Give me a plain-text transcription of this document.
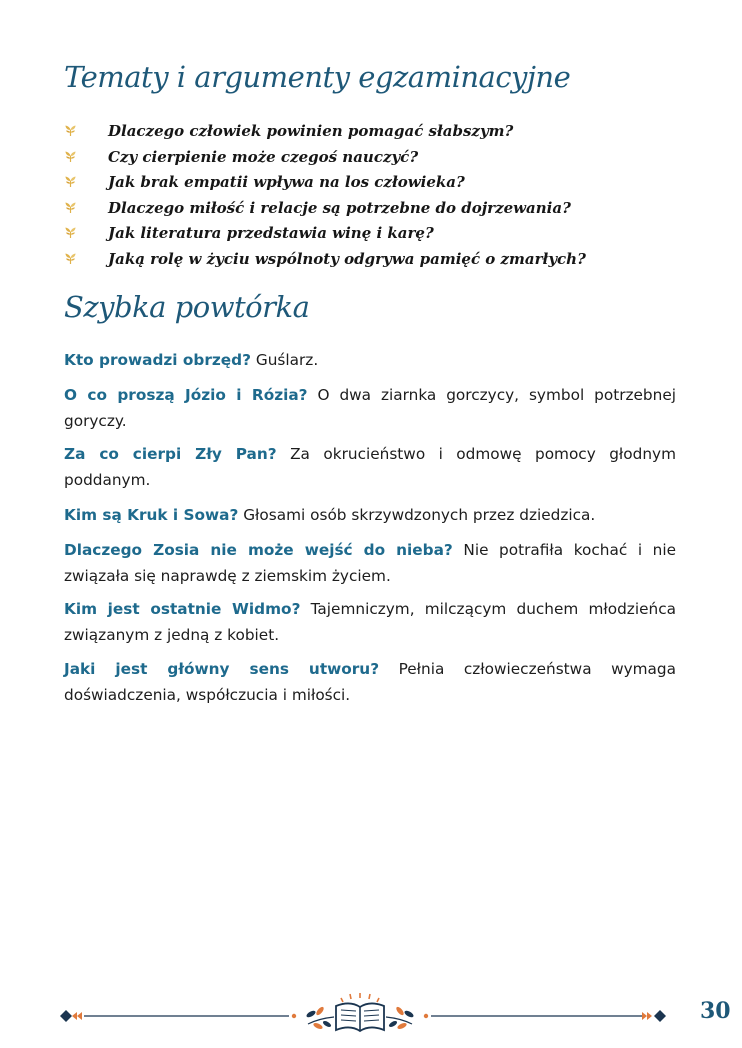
Tematy i argumenty egzaminacyjne
Dlaczego człowiek powinien pomagać słabszym?
Czy cierpienie może czegoś nauczyć?
Jak brak empatii wpływa na los człowieka?
Dlaczego miłość i relacje są potrzebne do dojrzewania?
Jak literatura przedstawia winę i karę?
Jaką rolę w życiu wspólnoty odgrywa pamięć o zmarłych?
Szybka powtórka

Kto prowadzi obrzęd? Guślarz.

O co proszą Józio i Rózia? O dwa ziarnka gorczycy, symbol potrzebnej goryczy.

Za co cierpi Zły Pan? Za okrucieństwo i odmowę pomocy głodnym poddanym.

Kim są Kruk i Sowa? Głosami osób skrzywdzonych przez dziedzica.

Dlaczego Zosia nie może wejść do nieba? Nie potrafiła kochać i nie związała się naprawdę z ziemskim życiem.

Kim jest ostatnie Widmo? Tajemniczym, milczącym duchem młodzieńca związanym z jedną z kobiet.

Jaki jest główny sens utworu? Pełnia człowieczeństwa wymaga doświadczenia, współczucia i miłości.

30
